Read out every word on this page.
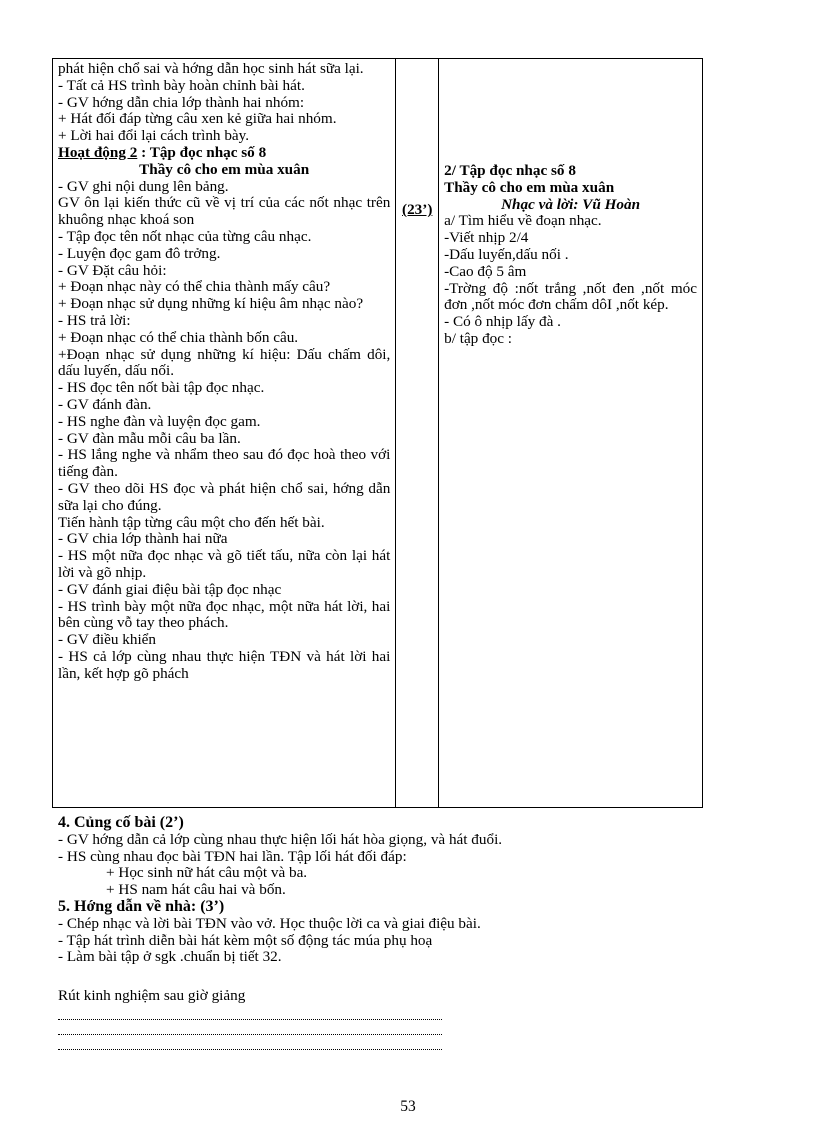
phát hiện chổ sai và hớng dẫn học sinh hát sữa lại.
- Tất cả HS trình bày hoàn chỉnh bài hát.
- GV hớng dẫn chia lớp thành hai nhóm:
+ Hát đối đáp từng câu xen kẻ giữa hai nhóm.
+ Lời hai đổi lại cách trình bày.
Hoạt động 2 : Tập đọc nhạc số 8
Thầy cô cho em mùa xuân
- GV ghi nội dung lên bảng.
GV ôn lại kiến thức cũ về vị trí của các nốt nhạc trên khuông nhạc khoá son
- Tập đọc tên nốt nhạc của từng câu nhạc.
- Luyện đọc gam đô trởng.
- GV Đặt câu hỏi:
+ Đoạn nhạc này có thể chia thành mấy câu?
+ Đoạn nhạc sử dụng những kí hiệu âm nhạc nào?
- HS trả lời:
+ Đoạn nhạc có thể chia thành bốn câu.
+Đoạn nhạc sử dụng những kí hiệu: Dấu chấm dôi, dấu luyến, dấu nối.
- HS đọc tên nốt bài tập đọc nhạc.
- GV đánh đàn.
- HS nghe đàn và luyện đọc gam.
- GV đàn mẫu mỗi câu ba lần.
- HS lắng nghe và nhẩm theo sau đó đọc hoà theo với tiếng đàn.
- GV theo dõi HS đọc và phát hiện chổ sai, hớng dẫn sữa lại cho đúng.
Tiến hành tập từng câu một cho đến hết bài.
- GV chia lớp thành hai nữa
- HS một nữa đọc nhạc và gõ tiết tấu, nữa còn lại hát lời và gõ nhịp.
- GV đánh giai điệu bài tập đọc nhạc
- HS trình bày một nữa đọc nhạc, một nữa hát lời, hai bên cùng vỗ tay theo phách.
- GV điều khiển
- HS cả lớp cùng nhau thực hiện TĐN và hát lời hai lần, kết hợp gõ phách

(23’)

2/ Tập đọc nhạc số 8
Thầy cô cho em mùa xuân
Nhạc và lời: Vũ Hoàn
a/ Tìm hiểu về đoạn nhạc.
-Viết nhịp 2/4
-Dấu luyến,dấu nối .
-Cao độ 5 âm
-Trờng độ :nốt trắng ,nốt đen ,nốt móc đơn ,nốt móc đơn chấm dôI ,nốt kép.
- Có ô nhịp lấy đà .
b/ tập đọc :
4. Củng cố bài (2’)
- GV hớng dẫn cả lớp cùng nhau thực hiện lối hát hòa giọng, và hát đuổi.
- HS cùng nhau đọc bài TĐN hai lần. Tập lối hát đối đáp:
+ Học sinh nữ hát câu một và ba.
+ HS nam hát câu hai và bốn.
5. Hớng dẫn về nhà: (3’)
- Chép nhạc và lời bài TĐN vào vở. Học thuộc lời ca và giai điệu bài.
- Tập hát trình diễn bài hát kèm một số động tác múa phụ hoạ
- Làm bài tập ở sgk .chuẩn bị tiết 32.
Rút kinh nghiệm sau giờ giảng
53
